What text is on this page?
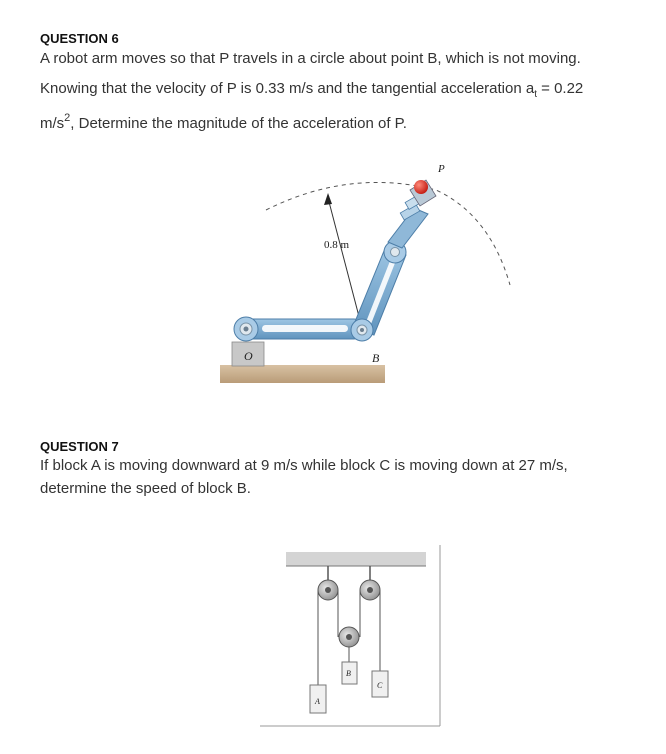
QUESTION 6
A robot arm moves so that P travels in a circle about point B, which is not moving.
Knowing that the velocity of P is 0.33 m/s and the tangential acceleration $a_t = 0.22$
$m/s^2$, Determine the magnitude of the acceleration of P.
0.8 m
O	B
P
QUESTION 7
If block A is moving downward at 9 m/s while block C is moving down at 27 m/s,
determine the speed of block B.
A
B
C
